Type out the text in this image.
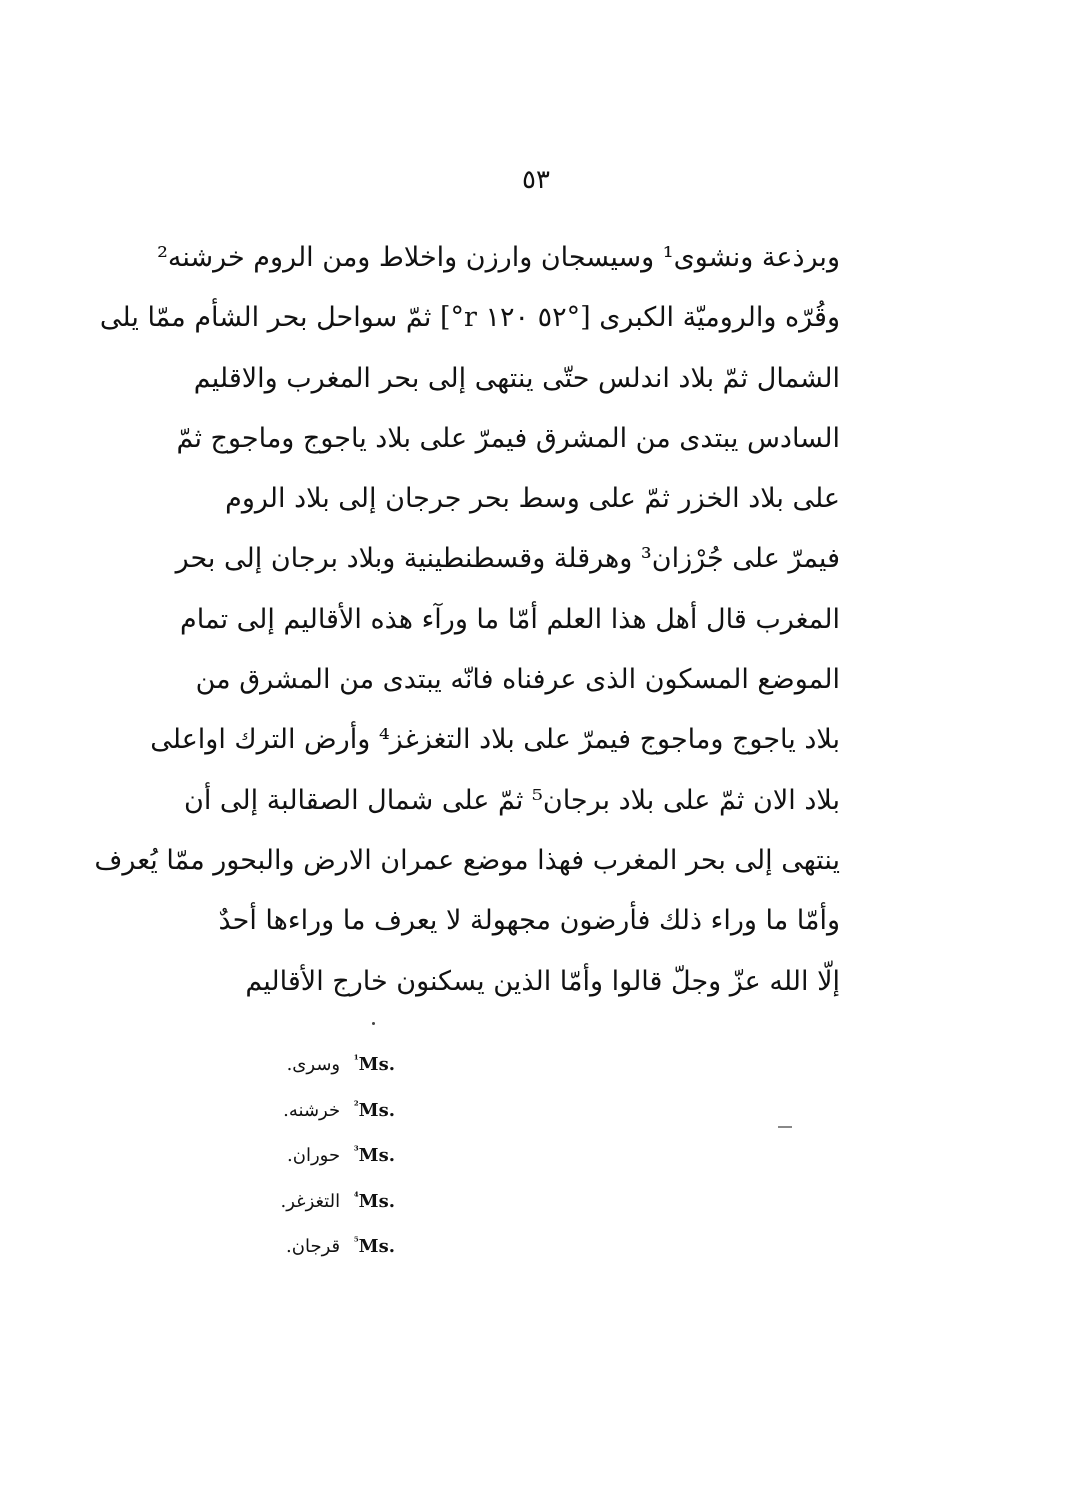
٥٣
وبرذعة ونشوى¹ وسيسجان وارزن واخلاط ومن الروم خرشنه²
وقُرّه والروميّة الكبرى [°٥٢ ١٢٠ r°] ثمّ سواحل بحر الشأم ممّا يلى
الشمال ثمّ بلاد اندلس حتّى ينتهى إلى بحر المغرب والاقليم
السادس يبتدى من المشرق فيمرّ على بلاد ياجوج وماجوج ثمّ
على بلاد الخزر ثمّ على وسط بحر جرجان إلى بلاد الروم
فيمرّ على جُرْزان³ وهرقلة وقسطنطينية وبلاد برجان إلى بحر
المغرب قال أهل هذا العلم أمّا ما ورآء هذه الأقاليم إلى تمام
الموضع المسكون الذى عرفناه فانّه يبتدى من المشرق من
بلاد ياجوج وماجوج فيمرّ على بلاد التغزغز⁴ وأرض الترك اواعلى
بلاد الان ثمّ على بلاد برجان⁵ ثمّ على شمال الصقالبة إلى أن
ينتهى إلى بحر المغرب فهذا موضع عمران الارض والبحور ممّا يُعرف
وأمّا ما وراء ذلك فأرضون مجهولة لا يعرف ما وراءها أحدٌ
إلّا الله عزّ وجلّ قالوا وأمّا الذين يسكنون خارج الأقاليم
$^{^1}$Ms. وسرى.
$^{^2}$Ms. خرشنه.
$^{^3}$Ms. حوران.
$^{^4}$Ms. التغزغر.
$^{^5}$Ms. قرجان.
